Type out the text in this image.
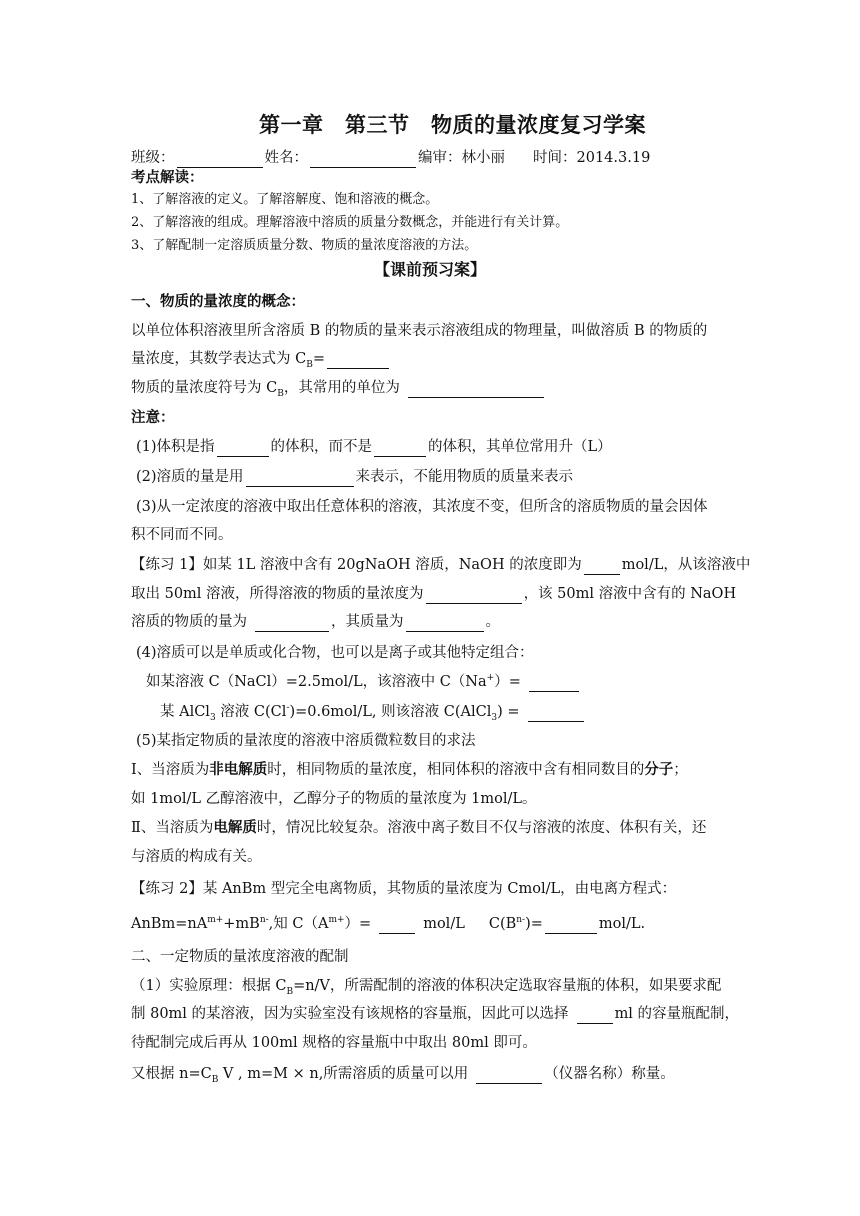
第一章　第三节　物质的量浓度复习学案
班级：	姓名：	编审：林小丽 时间：2014.3.19
考点解读：
1、了解溶液的定义。了解溶解度、饱和溶液的概念。
2、了解溶液的组成。理解溶液中溶质的质量分数概念，并能进行有关计算。
3、了解配制一定溶质质量分数、物质的量浓度溶液的方法。
【课前预习案】
一、物质的量浓度的概念：
以单位体积溶液里所含溶质 B 的物质的量来表示溶液组成的物理量，叫做溶质 B 的物质的
量浓度，其数学表达式为 $C_B=$
物质的量浓度符号为 $C_B$，其常用的单位为
注意：
(1)体积是指	的体积，而不是	的体积，其单位常用升（L）
(2)溶质的量是用	来表示，不能用物质的质量来表示
(3)从一定浓度的溶液中取出任意体积的溶液，其浓度不变，但所含的溶质物质的量会因体
积不同而不同。
【练习 1】如某 1L 溶液中含有 20gNaOH 溶质，NaOH 的浓度即为	mol/L，从该溶液中
取出 50ml 溶液，所得溶液的物质的量浓度为	，该 50ml 溶液中含有的 NaOH
溶质的物质的量为	，其质量为	。
(4)溶质可以是单质或化合物，也可以是离子或其他特定组合：
如某溶液 C（NaCl）=2.5mol/L，该溶液中 C（Na+）=
某 AlCl$_3$ 溶液 C(Cl-)=0.6mol/L, 则该溶液 C(AlCl$_3$) =
(5)某指定物质的量浓度的溶液中溶质微粒数目的求法
Ⅰ、当溶质为非电解质时，相同物质的量浓度，相同体积的溶液中含有相同数目的分子；
如 1mol/L 乙醇溶液中，乙醇分子的物质的量浓度为 1mol/L。
Ⅱ、当溶质为电解质时，情况比较复杂。溶液中离子数目不仅与溶液的浓度、体积有关，还
与溶质的构成有关。
【练习 2】某 AnBm 型完全电离物质，其物质的量浓度为 Cmol/L，由电离方程式：
$AnBm=nA^{m+}+mB^{n-}$,知 $C(A^{m+})=$	mol/L $C(B^{n-})=$	mol/L.
二、一定物质的量浓度溶液的配制
（1）实验原理：根据 $C_B=n/V$，所需配制的溶液的体积决定选取容量瓶的体积，如果要求配
制 80ml 的某溶液，因为实验室没有该规格的容量瓶，因此可以选择	ml 的容量瓶配制，
待配制完成后再从 100ml 规格的容量瓶中中取出 80ml 即可。
又根据 $n=C_B$ V , m=M × n,所需溶质的质量可以用	（仪器名称）称量。
